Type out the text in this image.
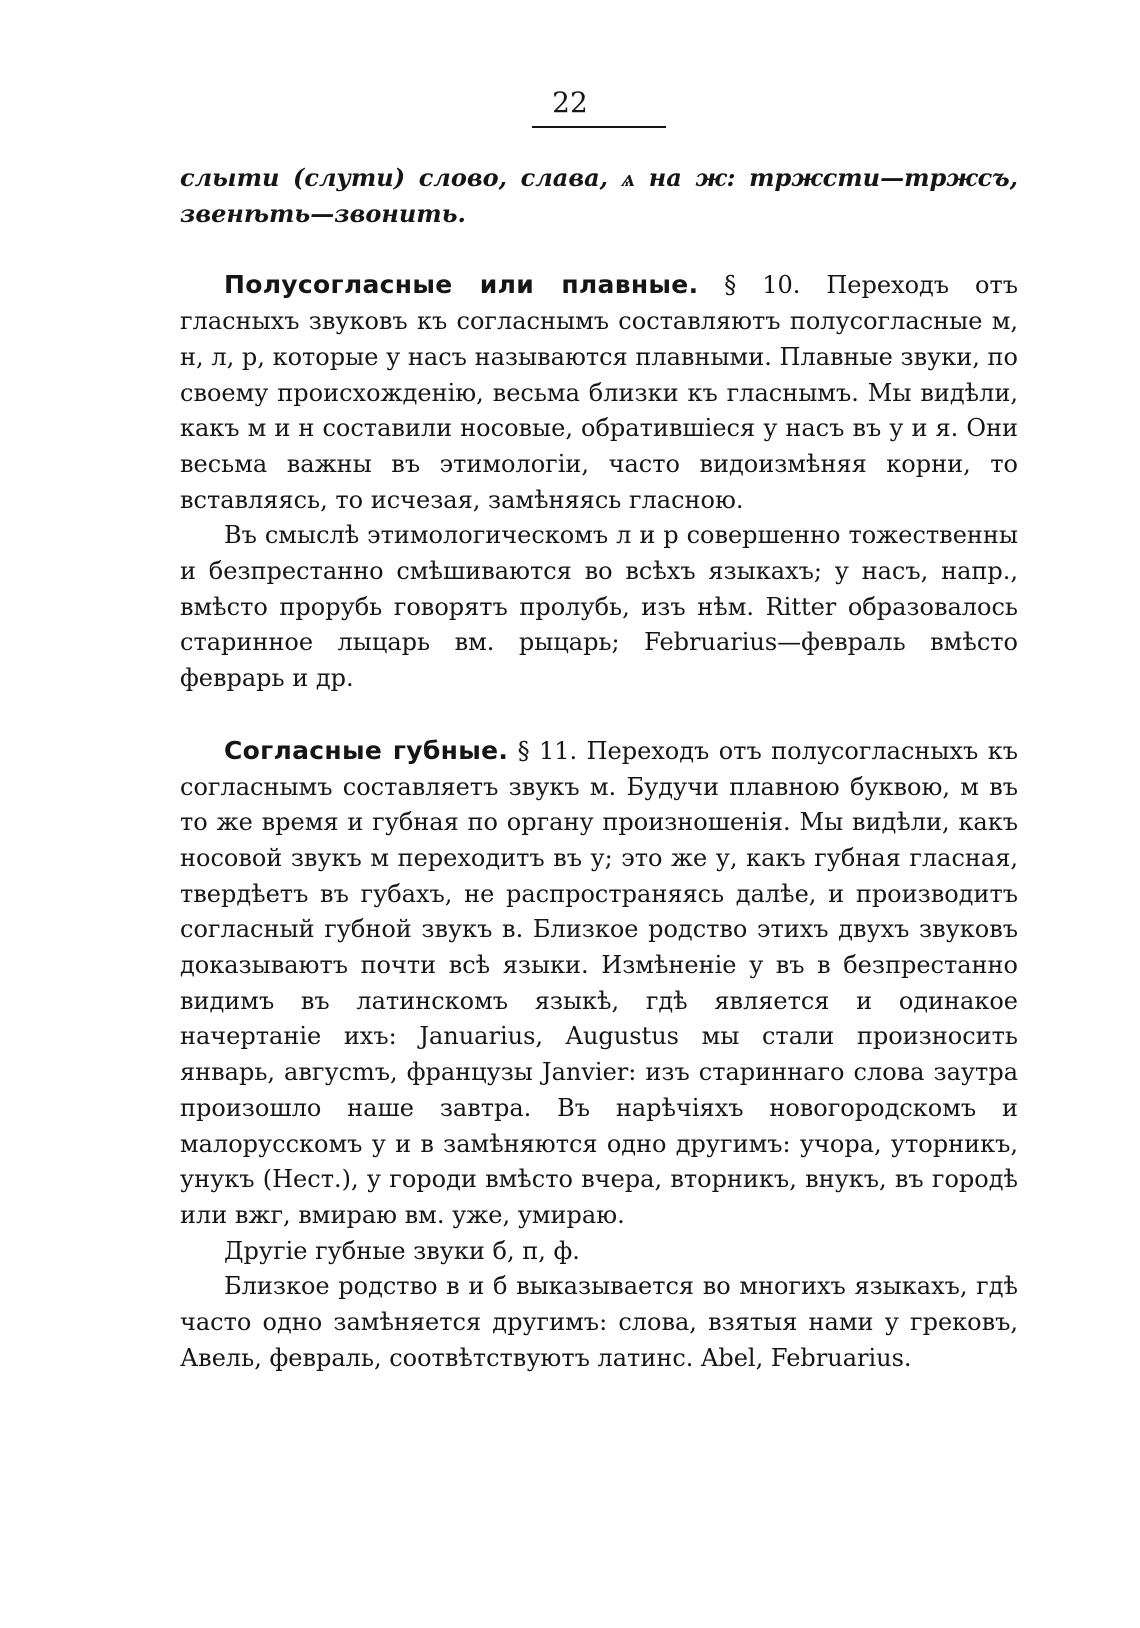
22

слыти (слути) слово, слава, ѧ на ж: тржсти—тржсъ, звенѣть—звонить.

Полусогласные или плавные. § 10. Переходъ отъ гласныхъ звуковъ къ согласнымъ составляютъ полусогласные м, н, л, р, которые у насъ называются плавными. Плавные звуки, по своему происхожденію, весьма близки къ гласнымъ. Мы видѣли, какъ м и н составили носовые, обратившіеся у насъ въ у и я. Они весьма важны въ этимологіи, часто видоизмѣняя корни, то вставляясь, то исчезая, замѣняясь гласною.

Въ смыслѣ этимологическомъ л и р совершенно тожественны и безпрестанно смѣшиваются во всѣхъ языкахъ; у насъ, напр., вмѣсто прорубь говорятъ пролубь, изъ нѣм. Ritter образовалось старинное лыцарь вм. рыцарь; Februarius—февраль вмѣсто феврарь и др.

Согласные губные. § 11. Переходъ отъ полусогласныхъ къ согласнымъ составляетъ звукъ м. Будучи плавною буквою, м въ то же время и губная по органу произношенія. Мы видѣли, какъ носовой звукъ м переходитъ въ у; это же у, какъ губная гласная, твердѣетъ въ губахъ, не распространяясь далѣе, и производитъ согласный губной звукъ в. Близкое родство этихъ двухъ звуковъ доказываютъ почти всѣ языки. Измѣненіе у въ в безпрестанно видимъ въ латинскомъ языкѣ, гдѣ является и одинакое начертаніе ихъ: Januarius, Augustus мы стали произносить январь, авгусmъ, французы Janvier: изъ стариннаго слова заутра произошло наше завтра. Въ нарѣчіяхъ новогородскомъ и малорусскомъ у и в замѣняются одно другимъ: учора, уторникъ, унукъ (Нест.), у городи вмѣсто вчера, вторникъ, внукъ, въ городѣ или вжг, вмираю вм. уже, умираю.

Другіе губные звуки б, п, ф.

Близкое родство в и б выказывается во многихъ языкахъ, гдѣ часто одно замѣняется другимъ: слова, взятыя нами у грековъ, Авель, февраль, соотвѣтствуютъ латинс. Abel, Februarius.
